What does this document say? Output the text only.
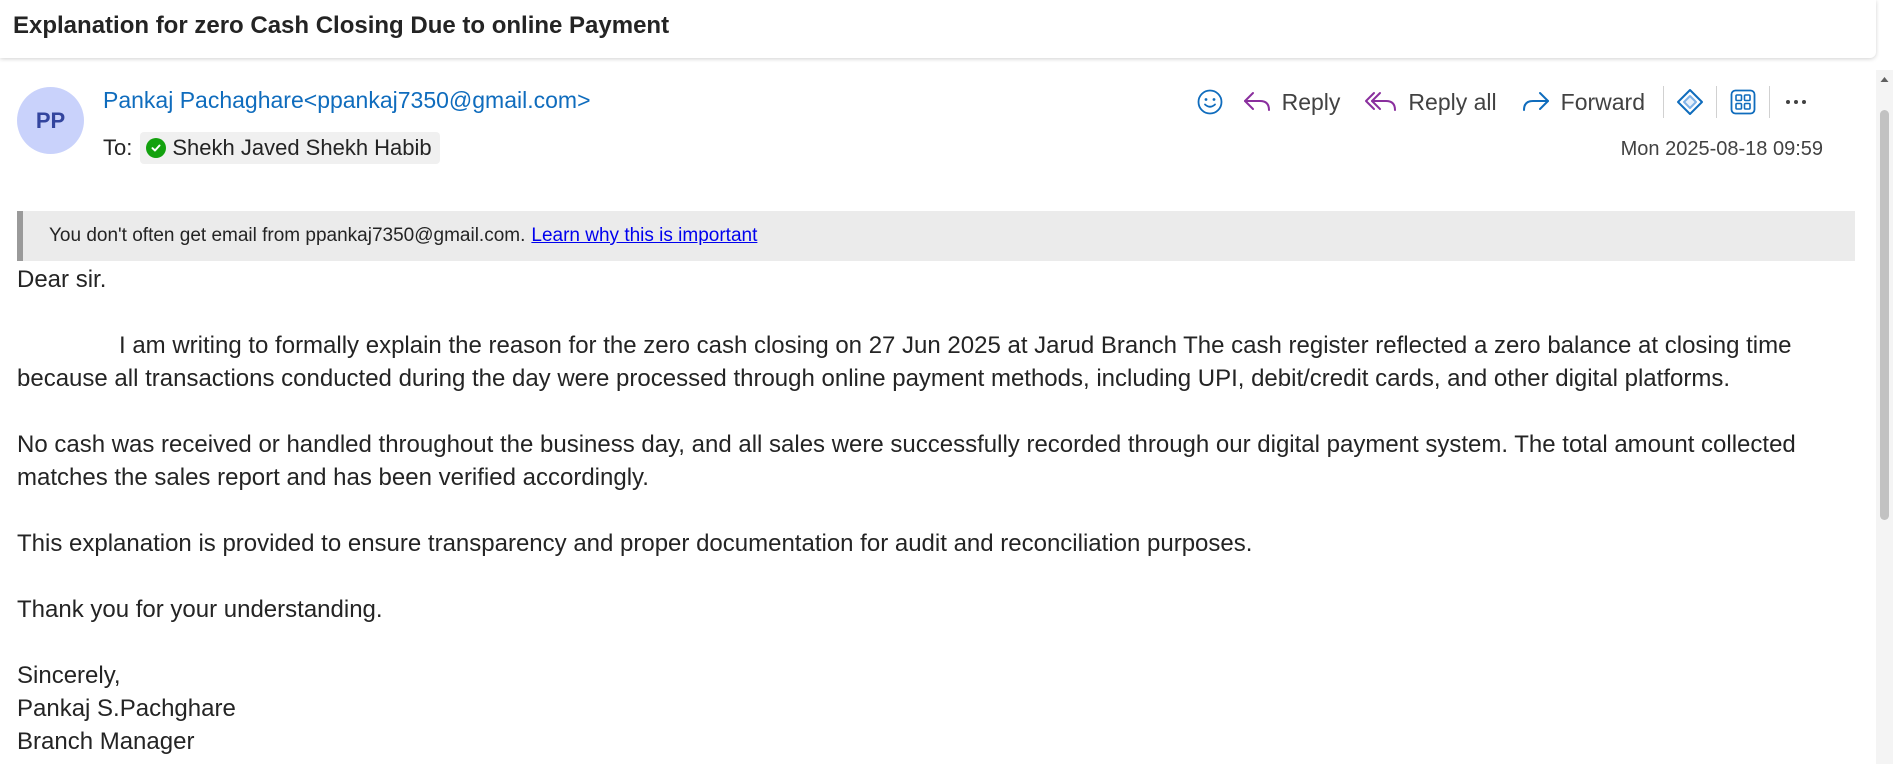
Explanation for zero Cash Closing Due to online Payment
PP
Pankaj Pachaghare<ppankaj7350@gmail.com>
To: Shekh Javed Shekh Habib
Reply	Reply all	Forward
Mon 2025-08-18 09:59
You don't often get email from ppankaj7350@gmail.com. Learn why this is important

Dear sir.

I am writing to formally explain the reason for the zero cash closing on 27 Jun 2025 at Jarud Branch The cash register reflected a zero balance at closing time

because all transactions conducted during the day were processed through online payment methods, including UPI, debit/credit cards, and other digital platforms.

No cash was received or handled throughout the business day, and all sales were successfully recorded through our digital payment system. The total amount collected

matches the sales report and has been verified accordingly.

This explanation is provided to ensure transparency and proper documentation for audit and reconciliation purposes.

Thank you for your understanding.

Sincerely,

Pankaj S.Pachghare

Branch Manager
